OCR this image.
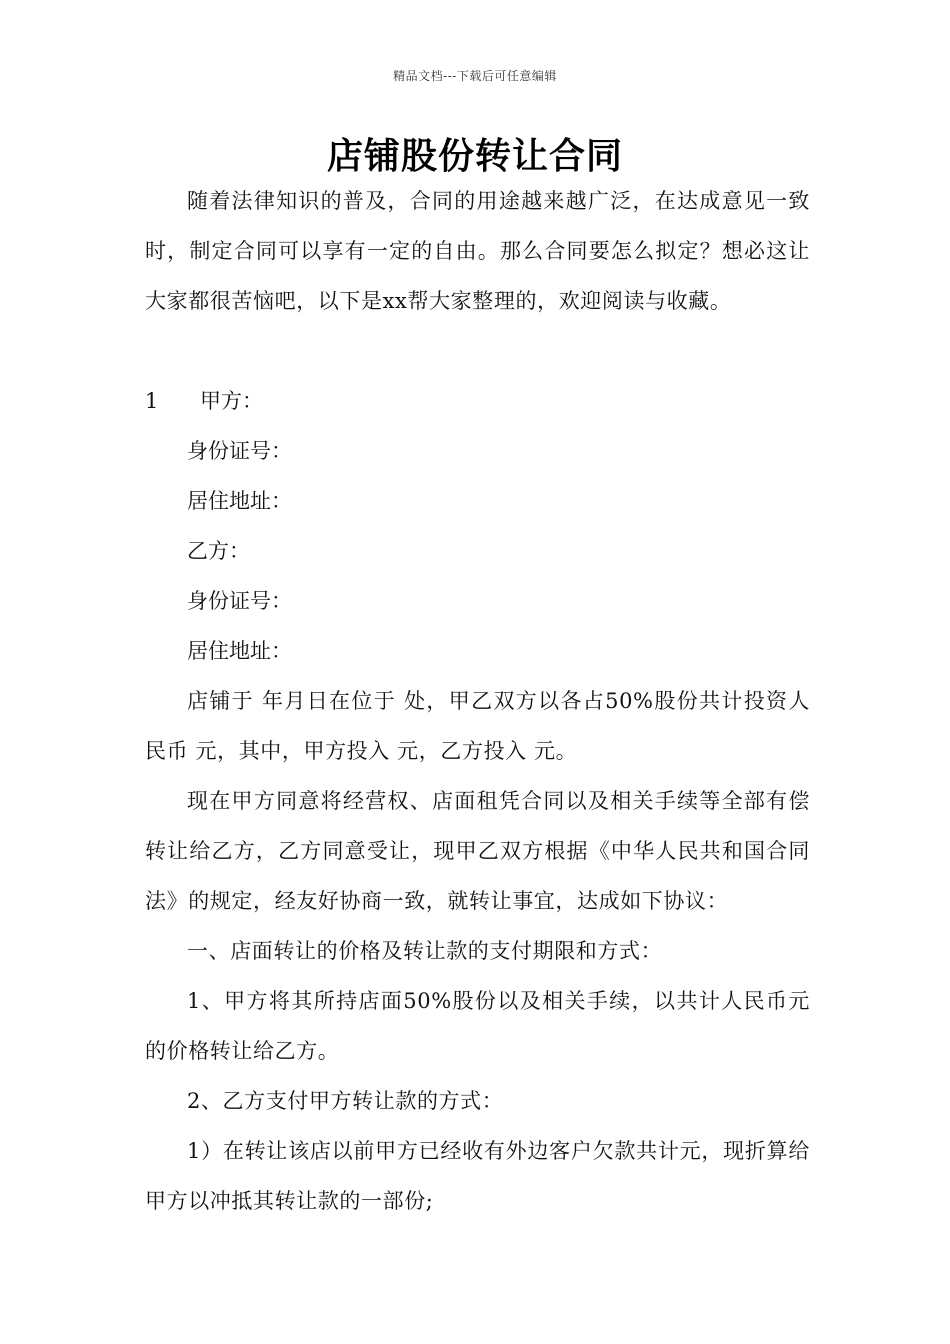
精品文档---下载后可任意编辑
店铺股份转让合同

随着法律知识的普及，合同的用途越来越广泛，在达成意见一致时，制定合同可以享有一定的自由。那么合同要怎么拟定？想必这让大家都很苦恼吧，以下是xx帮大家整理的，欢迎阅读与收藏。

1 甲方：

身份证号：

居住地址：

乙方：

身份证号：

居住地址：

店铺于 年月日在位于 处，甲乙双方以各占50%股份共计投资人民币 元，其中，甲方投入 元，乙方投入 元。

现在甲方同意将经营权、店面租凭合同以及相关手续等全部有偿转让给乙方，乙方同意受让，现甲乙双方根据《中华人民共和国合同法》的规定，经友好协商一致，就转让事宜，达成如下协议：

一、店面转让的价格及转让款的支付期限和方式：

1、甲方将其所持店面50%股份以及相关手续，以共计人民币元的价格转让给乙方。

2、乙方支付甲方转让款的方式：

1）在转让该店以前甲方已经收有外边客户欠款共计元，现折算给甲方以冲抵其转让款的一部份;
